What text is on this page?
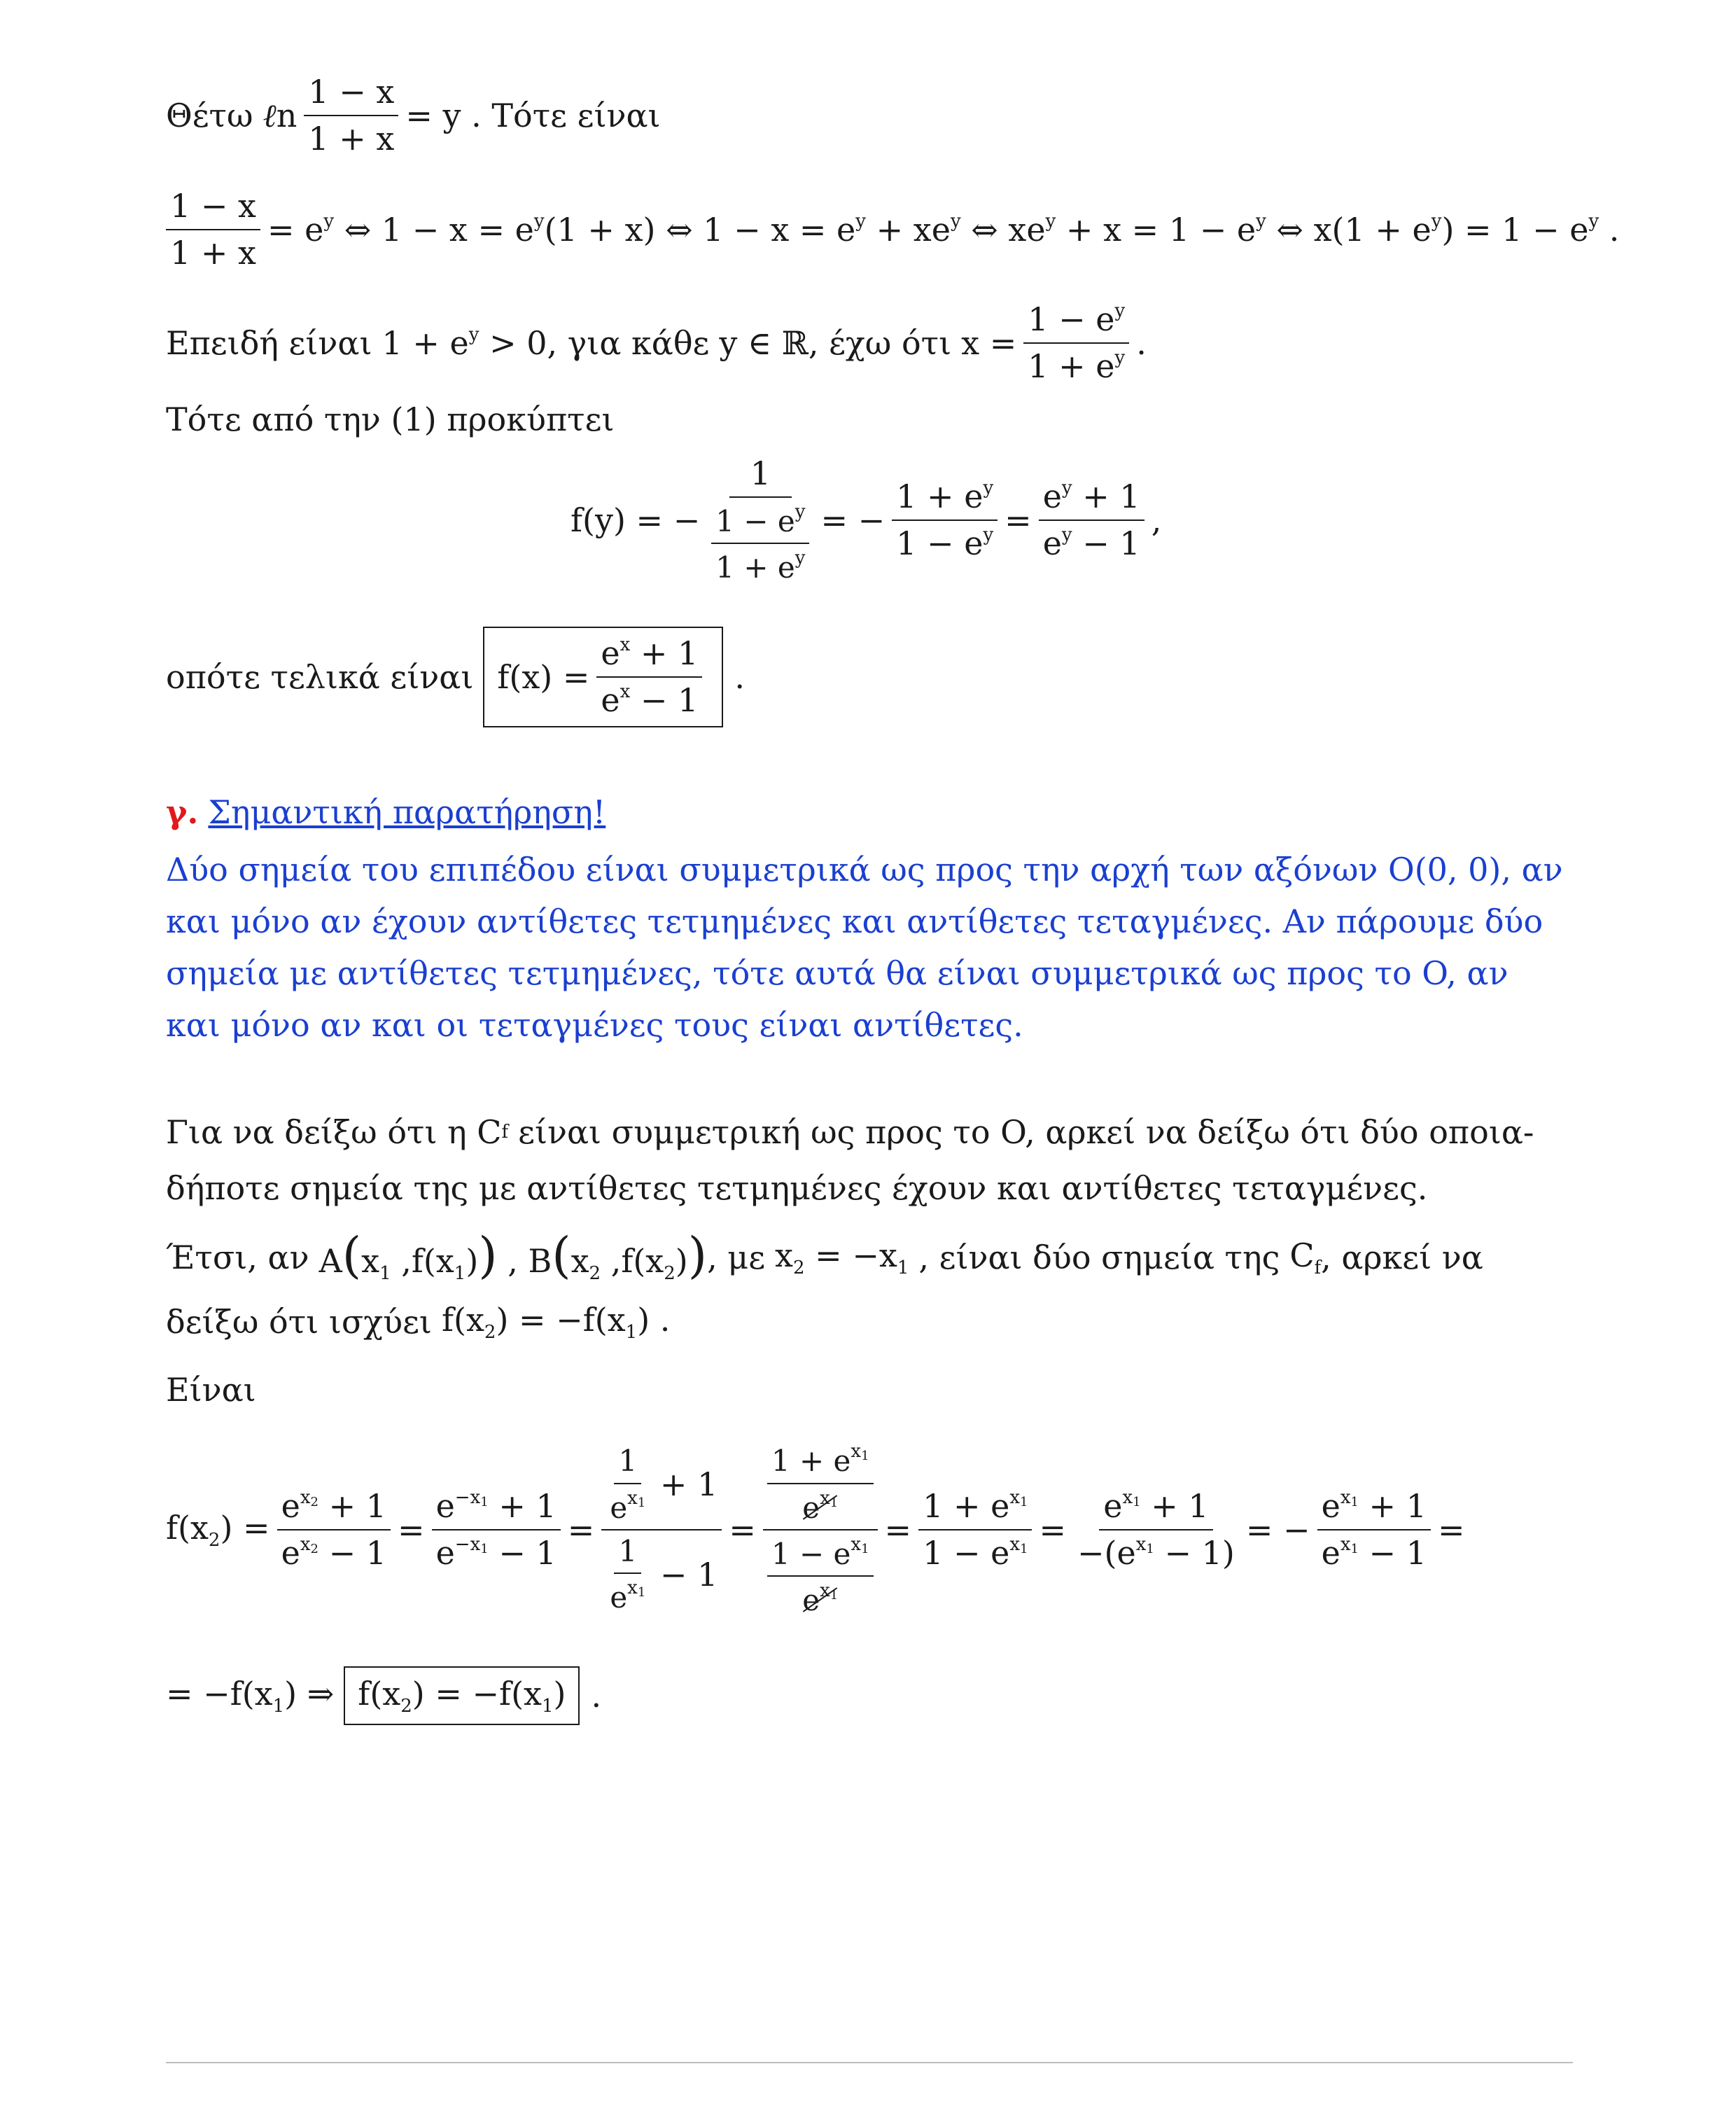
Θέτω ℓn $\frac{1 - x}{1 + x} = y$ . Τότε είναι
$\frac{1 - x}{1 + x} = e^y$ ⇔ $1 - x = e^y(1 + x)$ ⇔ $1 - x = e^y + xe^y$ ⇔ $xe^y + x = 1 - e^y$ ⇔ $x(1 + e^y) = 1 - e^y$ .
Επειδή είναι $1 + e^y > 0$ , για κάθε y ∈ ℝ , έχω ότι $x = \frac{1 - e^y}{1 + e^y}$ .
Τότε από την (1) προκύπτει
f(y) = − $\frac{1}{\frac{1 - e^y}{1 + e^y}}$ = − $\frac{1 + e^y}{1 - e^y} = \frac{e^y + 1}{e^y - 1}$ ,
οπότε τελικά είναι $f(x) = \frac{e^x + 1}{e^x - 1}$ .
γ. Σημαντική παρατήρηση!
Δύο σημεία του επιπέδου είναι συμμετρικά ως προς την αρχή των αξόνων O(0, 0), αν και μόνο αν έχουν αντίθετες τετμημένες και αντίθετες τεταγμένες. Αν πάρουμε δύο σημεία με αντίθετες τετμημένες, τότε αυτά θα είναι συμμετρικά ως προς το O, αν και μόνο αν και οι τεταγμένες τους είναι αντίθετες.
Για να δείξω ότι η C f είναι συμμετρική ως προς το O, αρκεί να δείξω ότι δύο οποια-
δήποτε σημεία της με αντίθετες τετμημένες έχουν και αντίθετες τεταγμένες.
Έτσι, αν $A(x_1$ $,f(x_1)$) , $B(x_2$ $,f(x_2)$) , με $x_2 = -x_1$ , είναι δύο σημεία της $C_f$ , αρκεί να
δείξω ότι ισχύει $f(x_2) = -f(x_1)$ .
Είναι
$f(x_2) = \frac{e^{x_2} + 1}{e^{x_2} - 1} = \frac{e^{-x_1} + 1}{e^{-x_1} - 1} = \frac{\frac{1}{e^{x_1}} + 1}{\frac{1}{e^{x_1}} - 1} = \frac{\frac{1 + e^{x_1}}{e^{x_1}}}{\frac{1 - e^{x_1}}{e^{x_1}}} = \frac{1 + e^{x_1}}{1 - e^{x_1}} = \frac{e^{x_1} + 1}{-(e^{x_1} - 1)}$ = − $\frac{e^{x_1} + 1}{e^{x_1} - 1}$ =
= $-f(x_1)$ ⇒ $f(x_2) = -f(x_1)$ .
